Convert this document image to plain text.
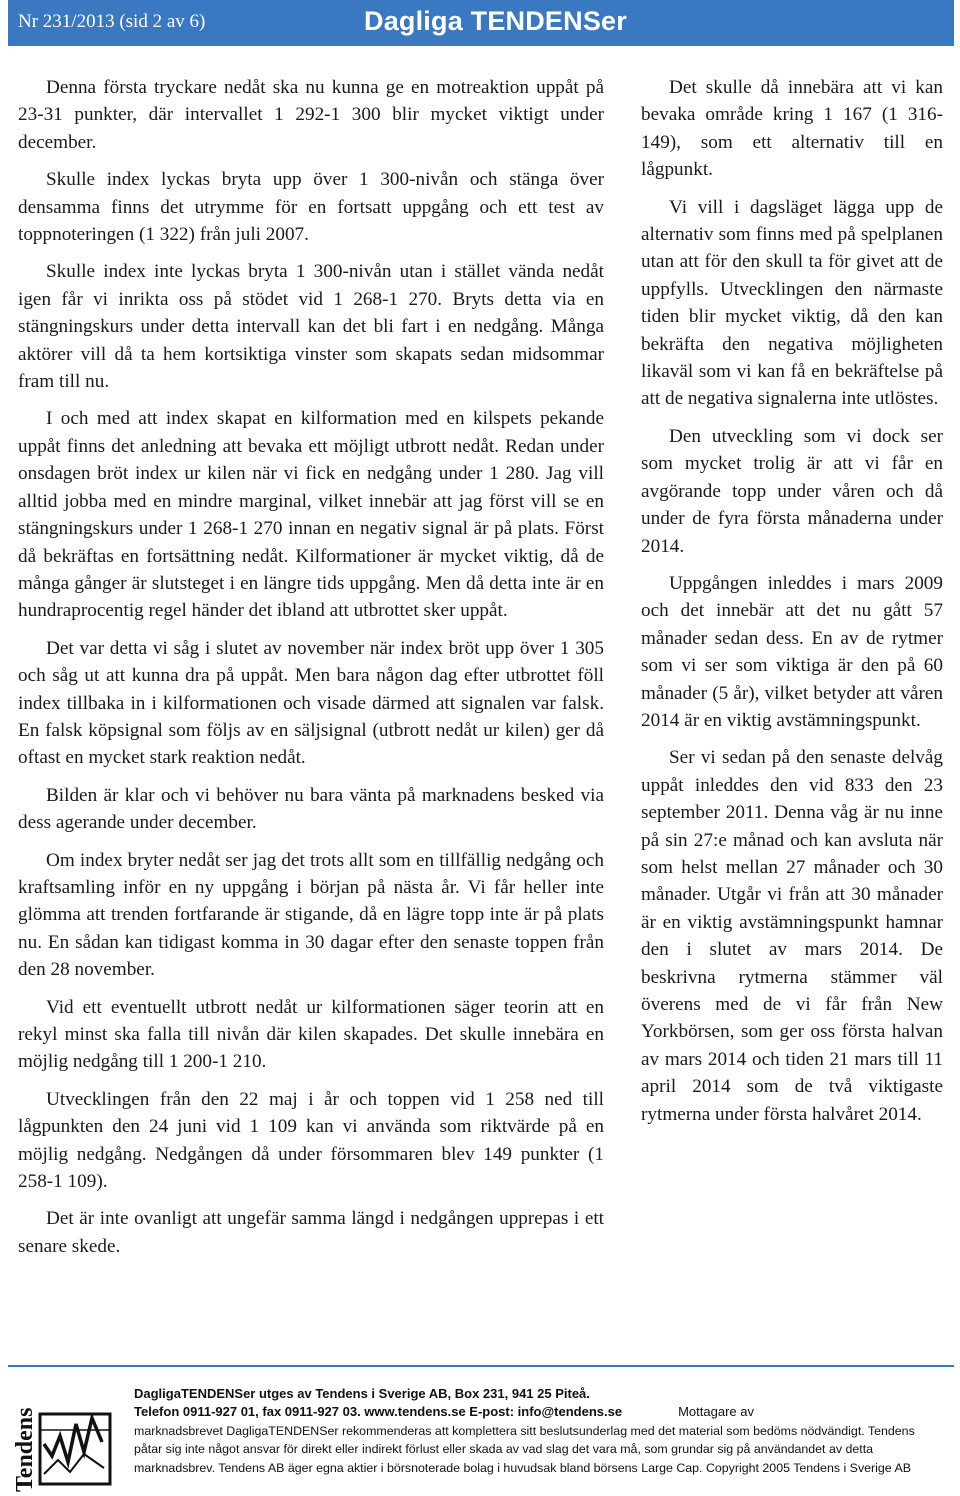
Nr 231/2013 (sid 2 av 6)	Dagliga TENDENSer

Denna första tryckare nedåt ska nu kunna ge en motreaktion uppåt på 23-31 punkter, där intervallet 1 292-1 300 blir mycket viktigt under december.

Skulle index lyckas bryta upp över 1 300-nivån och stänga över densamma finns det utrymme för en fortsatt uppgång och ett test av toppnoteringen (1 322) från juli 2007.

Skulle index inte lyckas bryta 1 300-nivån utan i stället vända nedåt igen får vi inrikta oss på stödet vid 1 268-1 270. Bryts detta via en stängningskurs under detta intervall kan det bli fart i en nedgång. Många aktörer vill då ta hem kortsiktiga vinster som skapats sedan midsommar fram till nu.

I och med att index skapat en kilformation med en kilspets pekande uppåt finns det anledning att bevaka ett möjligt utbrott nedåt. Redan under onsdagen bröt index ur kilen när vi fick en nedgång under 1 280. Jag vill alltid jobba med en mindre marginal, vilket innebär att jag först vill se en stängningskurs under 1 268-1 270 innan en negativ signal är på plats. Först då bekräftas en fortsättning nedåt. Kilformationer är mycket viktig, då de många gånger är slutsteget i en längre tids uppgång. Men då detta inte är en hundraprocentig regel händer det ibland att utbrottet sker uppåt.

Det var detta vi såg i slutet av november när index bröt upp över 1 305 och såg ut att kunna dra på uppåt. Men bara någon dag efter utbrottet föll index tillbaka in i kilformationen och visade därmed att signalen var falsk. En falsk köpsignal som följs av en säljsignal (utbrott nedåt ur kilen) ger då oftast en mycket stark reaktion nedåt.

Bilden är klar och vi behöver nu bara vänta på marknadens besked via dess agerande under december.

Om index bryter nedåt ser jag det trots allt som en tillfällig nedgång och kraftsamling inför en ny uppgång i början på nästa år. Vi får heller inte glömma att trenden fortfarande är stigande, då en lägre topp inte är på plats nu. En sådan kan tidigast komma in 30 dagar efter den senaste toppen från den 28 november.

Vid ett eventuellt utbrott nedåt ur kilformationen säger teorin att en rekyl minst ska falla till nivån där kilen skapades. Det skulle innebära en möjlig nedgång till 1 200-1 210.

Utvecklingen från den 22 maj i år och toppen vid 1 258 ned till lågpunkten den 24 juni vid 1 109 kan vi använda som riktvärde på en möjlig nedgång. Nedgången då under försommaren blev 149 punkter (1 258-1 109).

Det är inte ovanligt att ungefär samma längd i nedgången upprepas i ett senare skede.

Det skulle då innebära att vi kan bevaka område kring 1 167 (1 316-149), som ett alternativ till en lågpunkt.

Vi vill i dagsläget lägga upp de alternativ som finns med på spelplanen utan att för den skull ta för givet att de uppfylls. Utvecklingen den närmaste tiden blir mycket viktig, då den kan bekräfta den negativa möjligheten likaväl som vi kan få en bekräftelse på att de negativa signalerna inte utlöstes.

Den utveckling som vi dock ser som mycket trolig är att vi får en avgörande topp under våren och då under de fyra första månaderna under 2014.

Uppgången inleddes i mars 2009 och det innebär att det nu gått 57 månader sedan dess. En av de rytmer som vi ser som viktiga är den på 60 månader (5 år), vilket betyder att våren 2014 är en viktig avstämningspunkt.

Ser vi sedan på den senaste delvåg uppåt inleddes den vid 833 den 23 september 2011. Denna våg är nu inne på sin 27:e månad och kan avsluta när som helst mellan 27 månader och 30 månader. Utgår vi från att 30 månader är en viktig avstämningspunkt hamnar den i slutet av mars 2014. De beskrivna rytmerna stämmer väl överens med de vi får från New Yorkbörsen, som ger oss första halvan av mars 2014 och tiden 21 mars till 11 april 2014 som de två viktigaste rytmerna under första halvåret 2014.

Tendens
DagligaTENDENSer utges av Tendens i Sverige AB, Box 231, 941 25 Piteå.
Telefon 0911-927 01, fax 0911-927 03. www.tendens.se E-post: info@tendens.se	Mottagare av
marknadsbrevet DagligaTENDENSer rekommenderas att komplettera sitt beslutsunderlag med det material som bedöms nödvändigt. Tendens påtar sig inte något ansvar för direkt eller indirekt förlust eller skada av vad slag det vara må, som grundar sig på användandet av detta marknadsbrev. Tendens AB äger egna aktier i börsnoterade bolag i huvudsak bland börsens Large Cap. Copyright 2005 Tendens i Sverige AB
